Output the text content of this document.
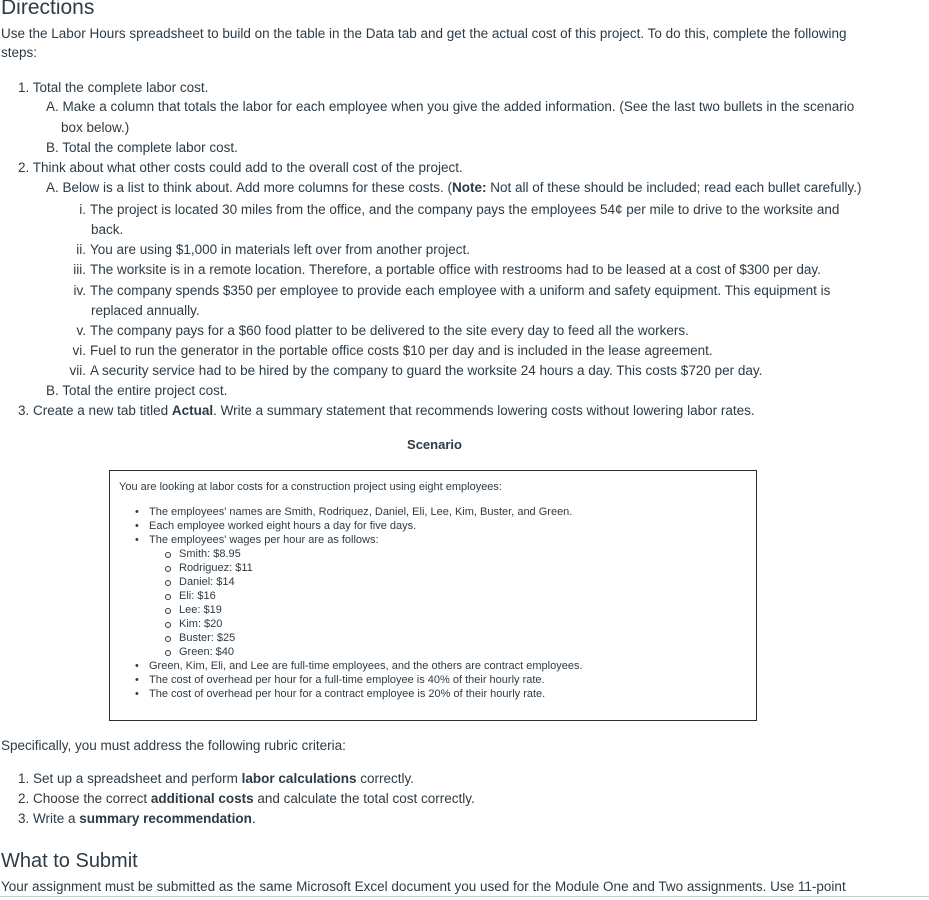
Directions
Use the Labor Hours spreadsheet to build on the table in the Data tab and get the actual cost of this project. To do this, complete the following
steps:
1. Total the complete labor cost.
A. Make a column that totals the labor for each employee when you give the added information. (See the last two bullets in the scenario
box below.)
B. Total the complete labor cost.
2. Think about what other costs could add to the overall cost of the project.
A. Below is a list to think about. Add more columns for these costs. (Note: Not all of these should be included; read each bullet carefully.)
i. The project is located 30 miles from the office, and the company pays the employees 54¢ per mile to drive to the worksite and
back.
ii. You are using $1,000 in materials left over from another project.
iii. The worksite is in a remote location. Therefore, a portable office with restrooms had to be leased at a cost of $300 per day.
iv. The company spends $350 per employee to provide each employee with a uniform and safety equipment. This equipment is
replaced annually.
v. The company pays for a $60 food platter to be delivered to the site every day to feed all the workers.
vi. Fuel to run the generator in the portable office costs $10 per day and is included in the lease agreement.
vii. A security service had to be hired by the company to guard the worksite 24 hours a day. This costs $720 per day.
B. Total the entire project cost.
3. Create a new tab titled Actual. Write a summary statement that recommends lowering costs without lowering labor rates.
Scenario
You are looking at labor costs for a construction project using eight employees:
• The employees' names are Smith, Rodriquez, Daniel, Eli, Lee, Kim, Buster, and Green.
• Each employee worked eight hours a day for five days.
• The employees' wages per hour are as follows:
Smith: $8.95
Rodriguez: $11
Daniel: $14
Eli: $16
Lee: $19
Kim: $20
Buster: $25
Green: $40
• Green, Kim, Eli, and Lee are full-time employees, and the others are contract employees.
• The cost of overhead per hour for a full-time employee is 40% of their hourly rate.
• The cost of overhead per hour for a contract employee is 20% of their hourly rate.
Specifically, you must address the following rubric criteria:
1. Set up a spreadsheet and perform labor calculations correctly.
2. Choose the correct additional costs and calculate the total cost correctly.
3. Write a summary recommendation.
What to Submit
Your assignment must be submitted as the same Microsoft Excel document you used for the Module One and Two assignments. Use 11-point
